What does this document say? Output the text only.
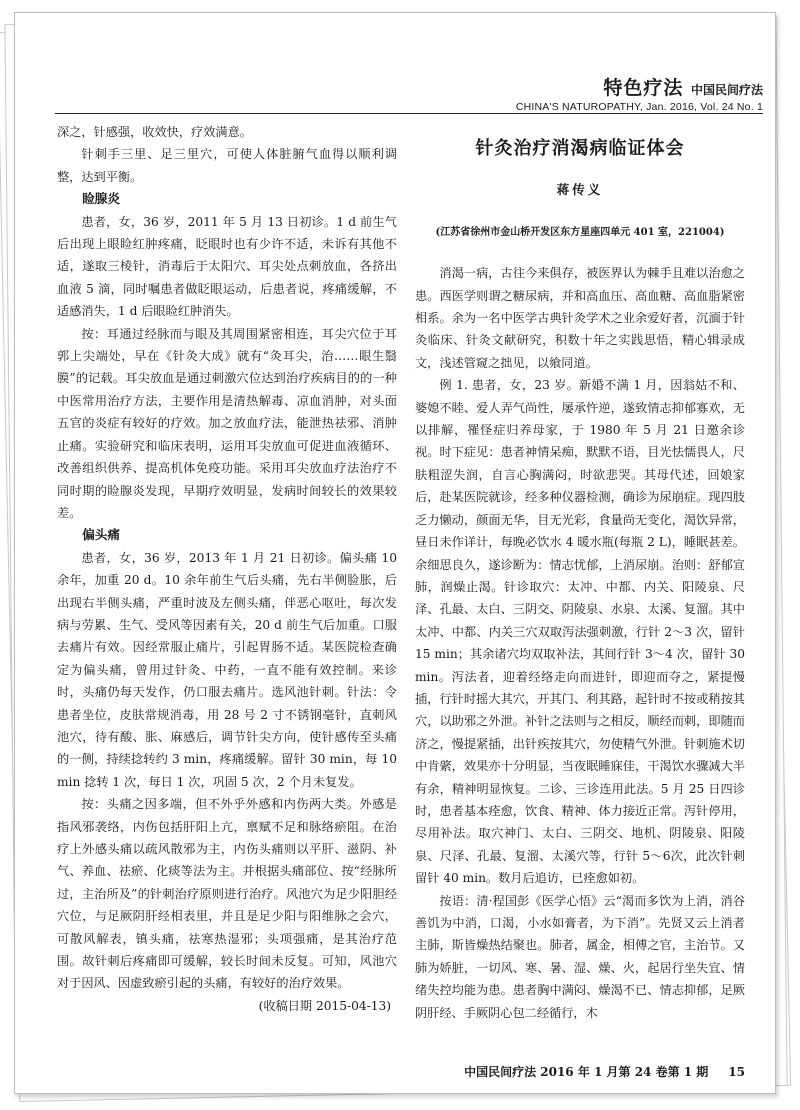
特色疗法 中国民间疗法
CHINA'S NATUROPATHY, Jan. 2016, Vol. 24 No. 1

深之，针感强，收效快，疗效满意。

针刺手三里、足三里穴，可使人体脏腑气血得以顺利调整，达到平衡。

睑腺炎

患者，女，36 岁，2011 年 5 月 13 日初诊。1 d 前生气后出现上眼睑红肿疼痛，眨眼时也有少许不适，未诉有其他不适，遂取三棱针，消毒后于太阳穴、耳尖处点刺放血，各挤出血液 5 滴，同时嘱患者做眨眼运动，后患者说，疼痛缓解，不适感消失，1 d 后眼睑红肿消失。

按：耳通过经脉而与眼及其周围紧密相连，耳尖穴位于耳郭上尖端处，早在《针灸大成》就有“灸耳尖，治……眼生翳膜”的记载。耳尖放血是通过刺激穴位达到治疗疾病目的的一种中医常用治疗方法，主要作用是清热解毒、凉血消肿，对头面五官的炎症有较好的疗效。加之放血疗法，能泄热祛邪、消肿止痛。实验研究和临床表明，运用耳尖放血可促进血液循环、改善组织供养、提高机体免疫功能。采用耳尖放血疗法治疗不同时期的睑腺炎发现，早期疗效明显，发病时间较长的效果较差。

偏头痛

患者，女，36 岁，2013 年 1 月 21 日初诊。偏头痛 10 余年，加重 20 d。10 余年前生气后头痛，先右半侧脸胀，后出现右半侧头痛，严重时波及左侧头痛，伴恶心呕吐，每次发病与劳累、生气、受风等因素有关，20 d 前生气后加重。口服去痛片有效。因经常服止痛片，引起胃肠不适。某医院检查确定为偏头痛，曾用过针灸、中药，一直不能有效控制。来诊时，头痛仍每天发作，仍口服去痛片。选风池针刺。针法：令患者坐位，皮肤常规消毒，用 28 号 2 寸不锈钢毫针，直刺风池穴，待有酸、胀、麻感后，调节针尖方向，使针感传至头痛的一侧，持续捻转约 3 min，疼痛缓解。留针 30 min，每 10 min 捻转 1 次，每日 1 次，巩固 5 次，2 个月未复发。

按：头痛之因多端，但不外乎外感和内伤两大类。外感是指风邪袭络，内伤包括肝阳上亢，禀赋不足和脉络瘀阻。在治疗上外感头痛以疏风散邪为主，内伤头痛则以平肝、滋阴、补气、养血、祛瘀、化痰等法为主。并根据头痛部位、按“经脉所过，主治所及”的针刺治疗原则进行治疗。风池穴为足少阳胆经穴位，与足厥阴肝经相表里，并且是足少阳与阳维脉之会穴，可散风解表，镇头痛，祛寒热湿邪；头项强痛，是其治疗范围。故针刺后疼痛即可缓解，较长时间未反复。可知，风池穴对于因风、因虚致瘀引起的头痛，有较好的治疗效果。

(收稿日期 2015-04-13)
针灸治疗消渴病临证体会
蒋传义
(江苏省徐州市金山桥开发区东方星座四单元 401 室，221004)

消渴一病，古往今来俱存，被医界认为棘手且难以治愈之患。西医学则谓之糖尿病，并和高血压、高血糖、高血脂紧密相系。余为一名中医学古典针灸学术之业余爱好者，沉湎于针灸临床、针灸文献研究，积数十年之实践思悟，精心辑录成文，浅述管窥之拙见，以飨同道。

例 1. 患者，女，23 岁。新婚不满 1 月，因翁姑不和、婆媳不睦、爱人弄气尚性，屡承忤逆，遂致情志抑郁寡欢，无以排解，罹怪症归养母家，于 1980 年 5 月 21 日邀余诊视。时下症见：患者神情呆痴，默默不语，目光怯懦畏人，尺肤粗涩失润，自言心胸满闷，时欲悲哭。其母代述，回娘家后，赴某医院就诊，经多种仪器检测，确诊为尿崩症。现四肢乏力懒动，颜面无华，目无光彩，食量尚无变化，渴饮异常，昼日未作详计，每晚必饮水 4 暖水瓶(每瓶 2 L)，睡眠甚差。余细思良久，遂诊断为：情志忧郁，上消尿崩。治则：舒郁宣肺，润燥止渴。针诊取穴：太冲、中都、内关、阳陵泉、尺泽、孔最、太白、三阴交、阴陵泉、水泉、太溪、复溜。其中太冲、中都、内关三穴双取泻法强刺激，行针 2～3 次，留针 15 min；其余诸穴均双取补法，其间行针 3～4 次，留针 30 min。泻法者，迎着经络走向而进针，即迎而夺之，紧提慢插，行针时摇大其穴，开其门、利其路，起针时不按或稍按其穴，以助邪之外泄。补针之法则与之相反，顺经而刺，即随而济之，慢提紧插，出针疾按其穴，勿使精气外泄。针刺施术切中肯綮，效果亦十分明显，当夜眠睡寐佳，干渴饮水骤减大半有余，精神明显恢复。二诊、三诊连用此法。5 月 25 日四诊时，患者基本痊愈，饮食、精神、体力接近正常。泻针停用，尽用补法。取穴神门、太白、三阴交、地机、阴陵泉、阳陵泉、尺泽、孔最、复溜、太溪穴等，行针 5～6次，此次针刺留针 40 min。数月后追访，已痊愈如初。

按语：清·程国彭《医学心悟》云“渴而多饮为上消，消谷善饥为中消，口渴，小水如膏者，为下消”。先贤又云上消者主肺，斯皆燥热结聚也。肺者，属金，相傅之官，主治节。又肺为娇脏，一切风、寒、暑、湿、燥、火，起居行坐失宜、情绪失控均能为患。患者胸中满闷、燥渴不已、情志抑郁，足厥阴肝经、手厥阴心包二经循行，木

中国民间疗法 2016 年 1 月第 24 卷第 1 期 15
